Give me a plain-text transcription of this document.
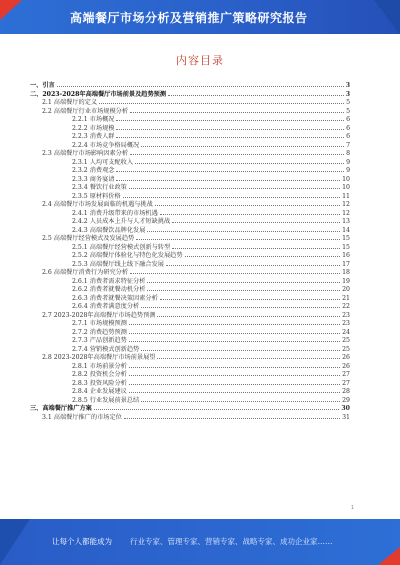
高端餐厅市场分析及营销推广策略研究报告
内容目录
一、引言	3
二、2023-2028年高端餐厅市场前景及趋势预测	3
2.1 高端餐厅的定义	5
2.2 高端餐厅行业市场规模分析	5
2.2.1 市场概况	6
2.2.2 市场规模	6
2.2.3 消费人群	6
2.2.4 市场竞争格局概况	7
2.3 高端餐厅市场影响因素分析	8
2.3.1 人均可支配收入	9
2.3.2 消费观念	9
2.3.3 商务宴请	10
2.3.4 餐饮行业政策	10
2.3.5 原材料价格	11
2.4 高端餐厅市场发展面临的机遇与挑战	12
2.4.1 消费升级带来的市场机遇	12
2.4.2 人员成本上升与人才短缺挑战	13
2.4.3 高端餐饮品牌化发展	14
2.5 高端餐厅经营模式及发展趋势	15
2.5.1 高端餐厅经营模式创新与转型	15
2.5.2 高端餐厅体验化与特色化发展趋势	16
2.5.3 高端餐厅线上线下融合发展	17
2.6 高端餐厅消费行为研究分析	18
2.6.1 消费者需求特征分析	19
2.6.2 消费者就餐动机分析	20
2.6.3 消费者就餐决策因素分析	21
2.6.4 消费者满意度分析	22
2.7 2023-2028年高端餐厅市场趋势预测	23
2.7.1 市场规模预测	23
2.7.2 消费趋势预测	24
2.7.3 产品创新趋势	25
2.7.4 营销模式创新趋势	25
2.8 2023-2028年高端餐厅市场前景展望	26
2.8.1 市场前景分析	26
2.8.2 投资机会分析	27
2.8.3 投资风险分析	27
2.8.4 企业发展建议	28
2.8.5 行业发展前景总结	29
三、高端餐厅推广方案	30
3.1 高端餐厅推广的市场定位	31
1
让每个人都能成为 行业专家、管理专家、营销专家、战略专家、成功企业家……
